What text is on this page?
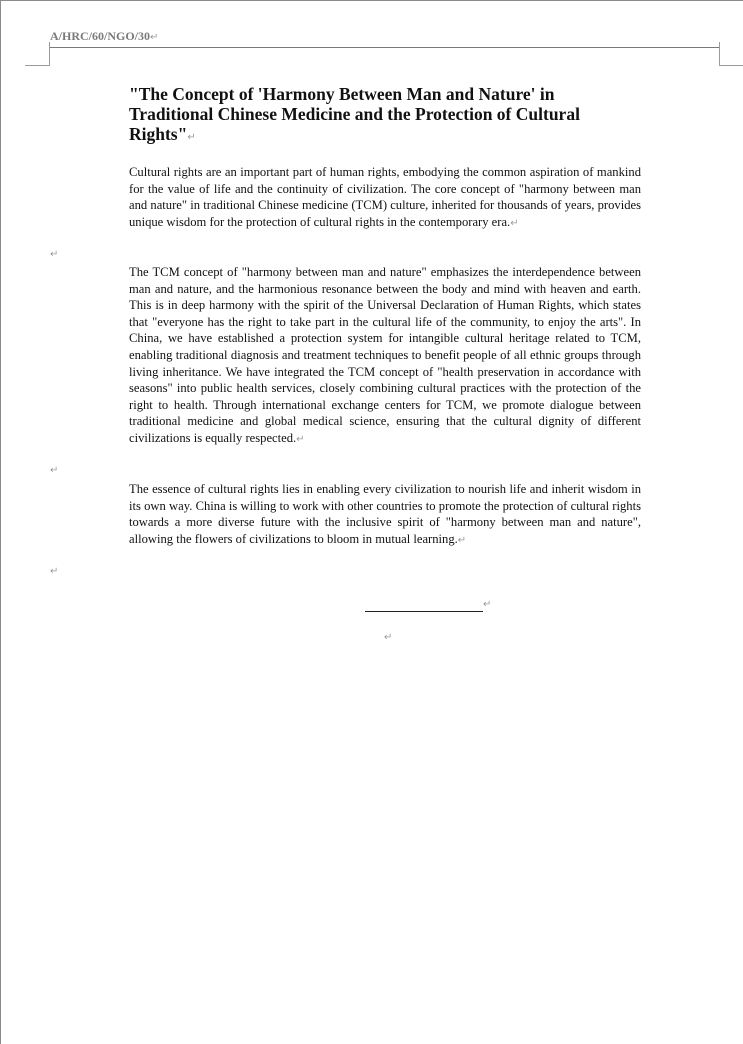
A/HRC/60/NGO/30↵
"The Concept of 'Harmony Between Man and Nature' in Traditional Chinese Medicine and the Protection of Cultural Rights"↵

Cultural rights are an important part of human rights, embodying the common aspiration of mankind for the value of life and the continuity of civilization. The core concept of "harmony between man and nature" in traditional Chinese medicine (TCM) culture, inherited for thousands of years, provides unique wisdom for the protection of cultural rights in the contemporary era.↵

↵

The TCM concept of "harmony between man and nature" emphasizes the interdependence between man and nature, and the harmonious resonance between the body and mind with heaven and earth. This is in deep harmony with the spirit of the Universal Declaration of Human Rights, which states that "everyone has the right to take part in the cultural life of the community, to enjoy the arts". In China, we have established a protection system for intangible cultural heritage related to TCM, enabling traditional diagnosis and treatment techniques to benefit people of all ethnic groups through living inheritance. We have integrated the TCM concept of "health preservation in accordance with seasons" into public health services, closely combining cultural practices with the protection of the right to health. Through international exchange centers for TCM, we promote dialogue between traditional medicine and global medical science, ensuring that the cultural dignity of different civilizations is equally respected.↵

↵

The essence of cultural rights lies in enabling every civilization to nourish life and inherit wisdom in its own way. China is willing to work with other countries to promote the protection of cultural rights towards a more diverse future with the inclusive spirit of "harmony between man and nature", allowing the flowers of civilizations to bloom in mutual learning.↵

↵
↵
↵
